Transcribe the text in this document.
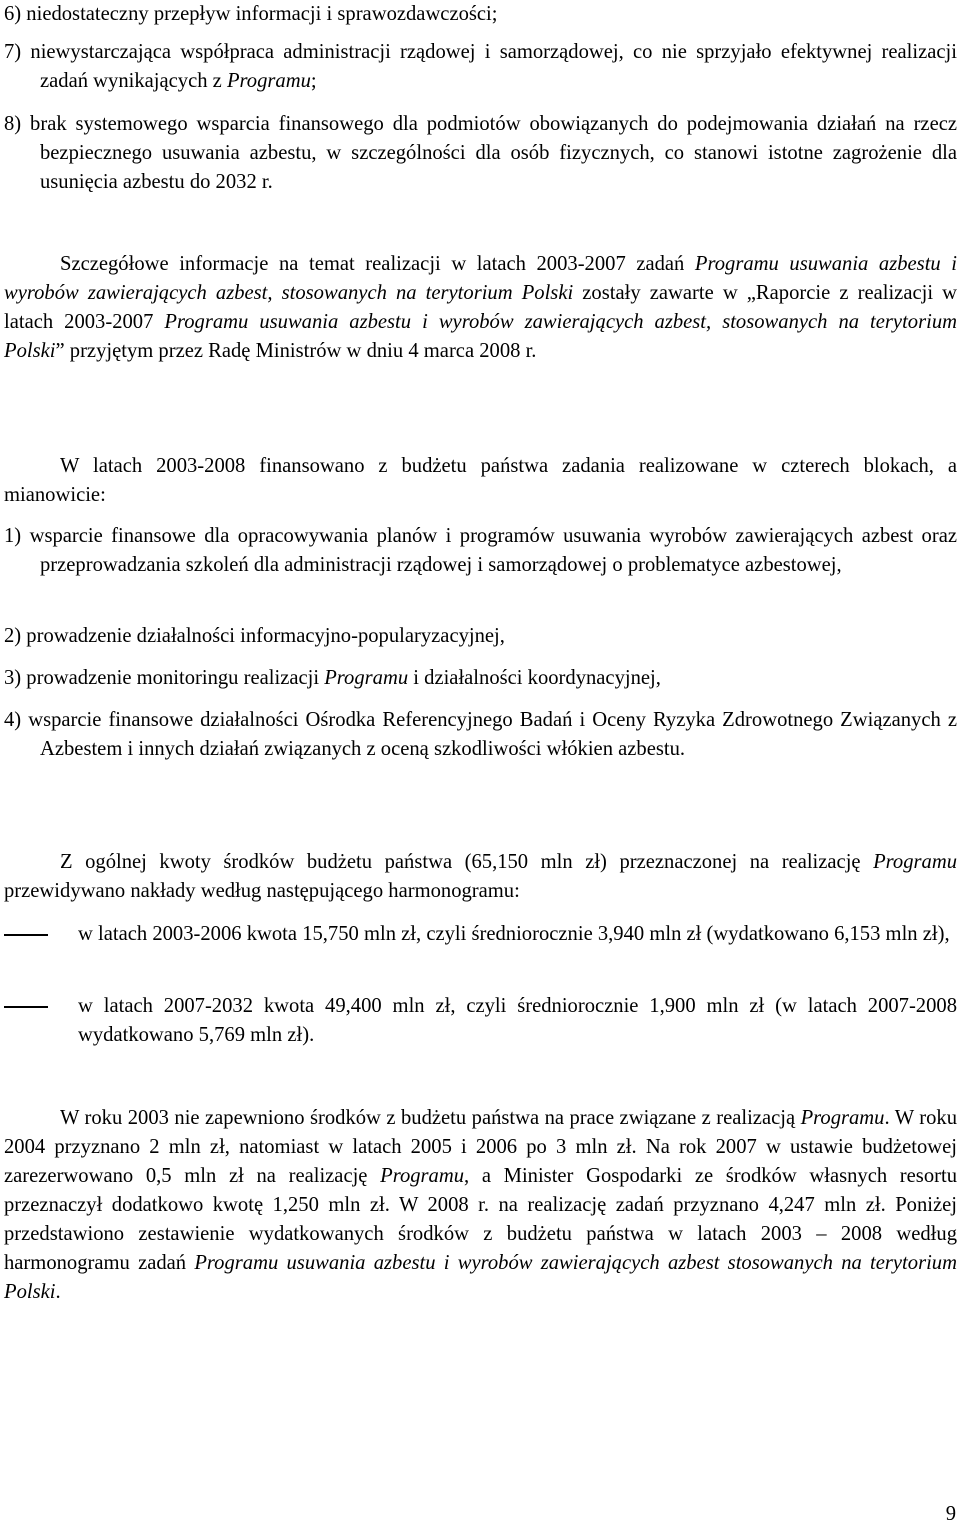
6) niedostateczny przepływ informacji i sprawozdawczości;

7) niewystarczająca współpraca administracji rządowej i samorządowej, co nie sprzyjało efektywnej realizacji zadań wynikających z Programu;

8) brak systemowego wsparcia finansowego dla podmiotów obowiązanych do podejmowania działań na rzecz bezpiecznego usuwania azbestu, w szczególności dla osób fizycznych, co stanowi istotne zagrożenie dla usunięcia azbestu do 2032 r.

Szczegółowe informacje na temat realizacji w latach 2003-2007 zadań Programu usuwania azbestu i wyrobów zawierających azbest, stosowanych na terytorium Polski zostały zawarte w „Raporcie z realizacji w latach 2003-2007 Programu usuwania azbestu i wyrobów zawierających azbest, stosowanych na terytorium Polski” przyjętym przez Radę Ministrów w dniu 4 marca 2008 r.

W latach 2003-2008 finansowano z budżetu państwa zadania realizowane w czterech blokach, a mianowicie:

1) wsparcie finansowe dla opracowywania planów i programów usuwania wyrobów zawierających azbest oraz przeprowadzania szkoleń dla administracji rządowej i samorządowej o problematyce azbestowej,

2) prowadzenie działalności informacyjno-popularyzacyjnej,

3) prowadzenie monitoringu realizacji Programu i działalności koordynacyjnej,

4) wsparcie finansowe działalności Ośrodka Referencyjnego Badań i Oceny Ryzyka Zdrowotnego Związanych z Azbestem i innych działań związanych z oceną szkodliwości włókien azbestu.

Z ogólnej kwoty środków budżetu państwa (65,150 mln zł) przeznaczonej na realizację Programu przewidywano nakłady według następującego harmonogramu:

w latach 2003-2006 kwota 15,750 mln zł, czyli średniorocznie 3,940 mln zł (wydatkowano 6,153 mln zł),
w latach 2007-2032 kwota 49,400 mln zł, czyli średniorocznie 1,900 mln zł (w latach 2007-2008 wydatkowano 5,769 mln zł).

W roku 2003 nie zapewniono środków z budżetu państwa na prace związane z realizacją Programu. W roku 2004 przyznano 2 mln zł, natomiast w latach 2005 i 2006 po 3 mln zł. Na rok 2007 w ustawie budżetowej zarezerwowano 0,5 mln zł na realizację Programu, a Minister Gospodarki ze środków własnych resortu przeznaczył dodatkowo kwotę 1,250 mln zł. W 2008 r. na realizację zadań przyznano 4,247 mln zł. Poniżej przedstawiono zestawienie wydatkowanych środków z budżetu państwa w latach 2003 – 2008 według harmonogramu zadań Programu usuwania azbestu i wyrobów zawierających azbest stosowanych na terytorium Polski.

9
